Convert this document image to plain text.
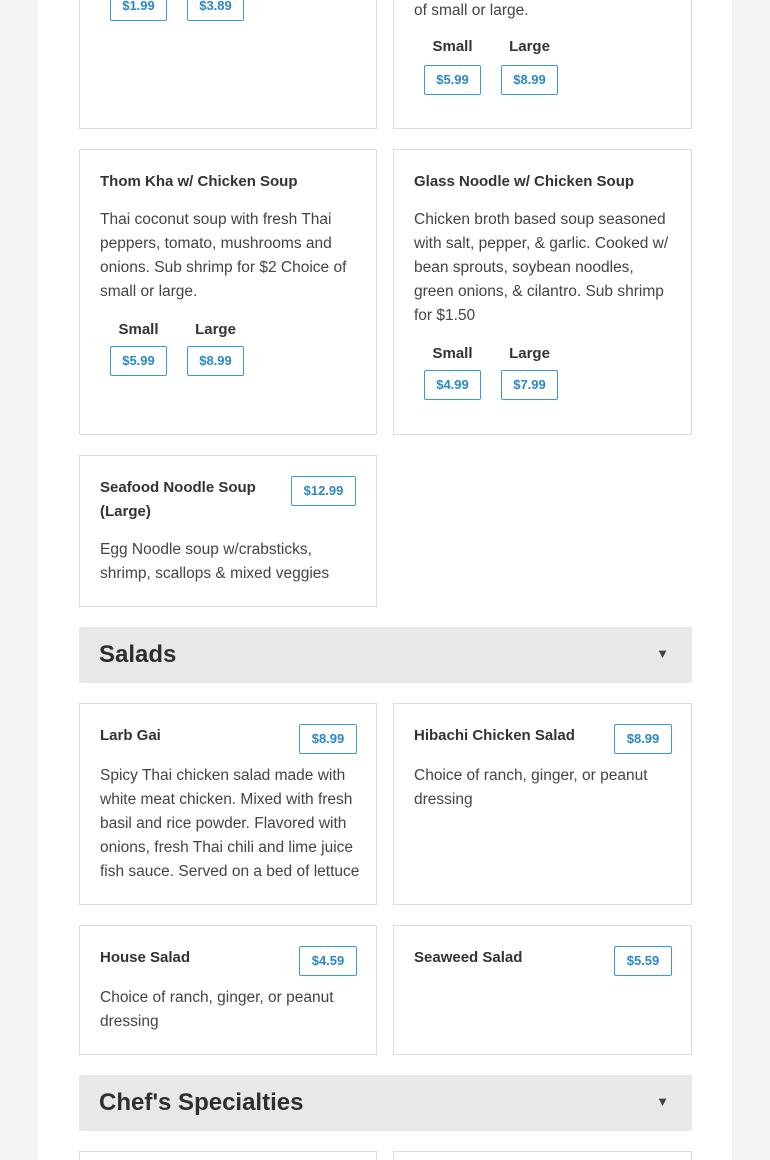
$1.99	$3.89	of small or large.
Small	Large
$5.99	$8.99
Thom Kha w/ Chicken Soup
Thai coconut soup with fresh Thai peppers, tomato, mushrooms and onions. Sub shrimp for $2 Choice of small or large.
Small	Large
$5.99	$8.99
Glass Noodle w/ Chicken Soup
Chicken broth based soup seasoned with salt, pepper, & garlic. Cooked w/ bean sprouts, soybean noodles, green onions, & cilantro. Sub shrimp for $1.50
Small	Large
$4.99	$7.99
Seafood Noodle Soup (Large)
$12.99
Egg Noodle soup w/crabsticks, shrimp, scallops & mixed veggies
Salads	▼
Larb Gai	$8.99
Spicy Thai chicken salad made with white meat chicken. Mixed with fresh basil and rice powder. Flavored with onions, fresh Thai chili and lime juice fish sauce. Served on a bed of lettuce
Hibachi Chicken Salad	$8.99
Choice of ranch, ginger, or peanut dressing
House Salad	$4.59
Choice of ranch, ginger, or peanut dressing
Seaweed Salad	$5.59
Chef's Specialties	▼
